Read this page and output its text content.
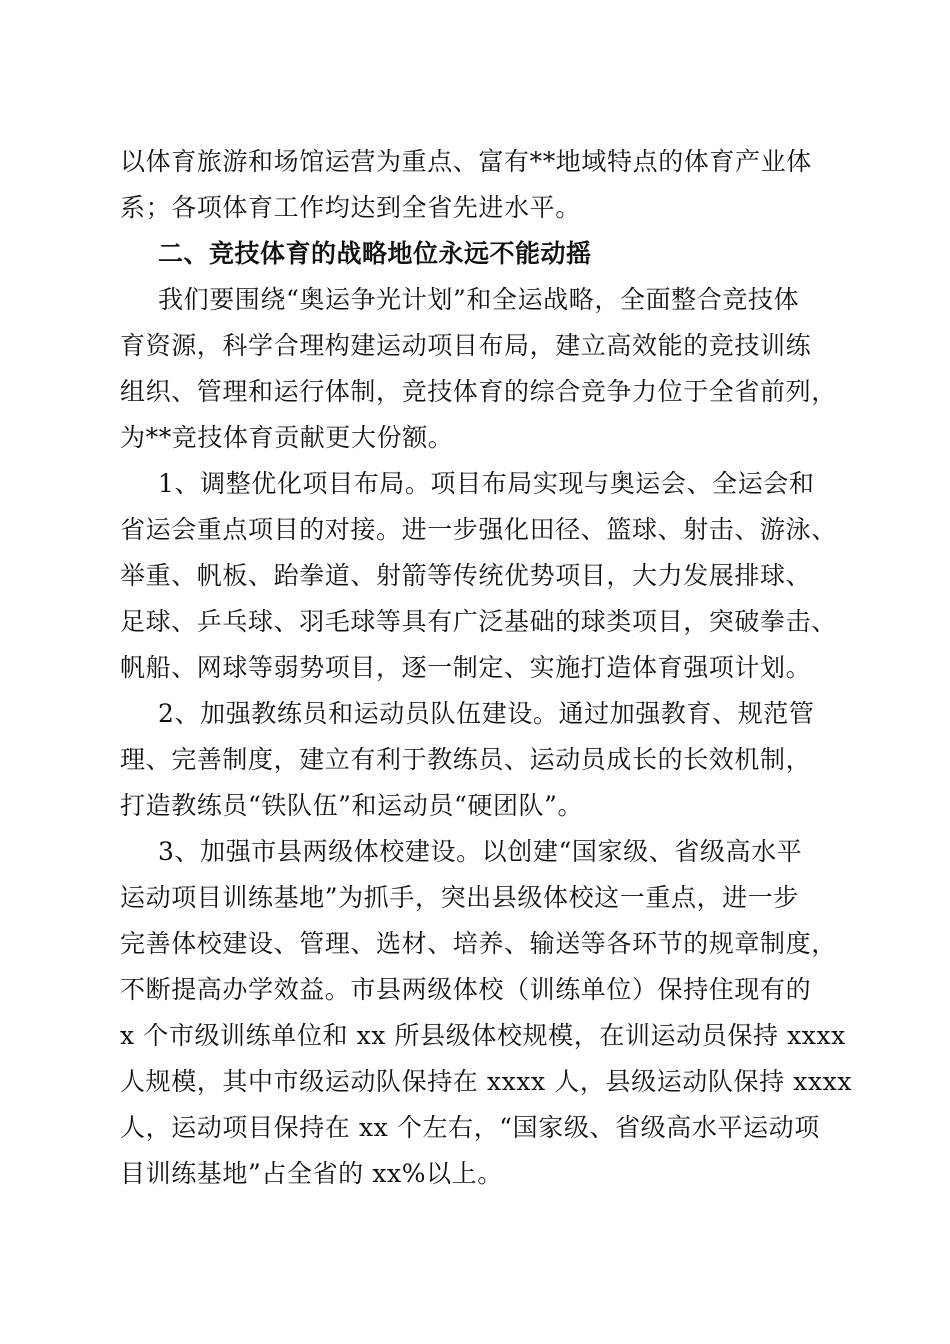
以体育旅游和场馆运营为重点、富有**地域特点的体育产业体
系；各项体育工作均达到全省先进水平。
二、竞技体育的战略地位永远不能动摇
我们要围绕“奥运争光计划”和全运战略，全面整合竞技体
育资源，科学合理构建运动项目布局，建立高效能的竞技训练
组织、管理和运行体制，竞技体育的综合竞争力位于全省前列，
为**竞技体育贡献更大份额。
1、调整优化项目布局。项目布局实现与奥运会、全运会和
省运会重点项目的对接。进一步强化田径、篮球、射击、游泳、
举重、帆板、跆拳道、射箭等传统优势项目，大力发展排球、
足球、乒乓球、羽毛球等具有广泛基础的球类项目，突破拳击、
帆船、网球等弱势项目，逐一制定、实施打造体育强项计划。
2、加强教练员和运动员队伍建设。通过加强教育、规范管
理、完善制度，建立有利于教练员、运动员成长的长效机制，
打造教练员“铁队伍”和运动员“硬团队”。
3、加强市县两级体校建设。以创建“国家级、省级高水平
运动项目训练基地”为抓手，突出县级体校这一重点，进一步
完善体校建设、管理、选材、培养、输送等各环节的规章制度，
不断提高办学效益。市县两级体校（训练单位）保持住现有的
x 个市级训练单位和 xx 所县级体校规模，在训运动员保持 xxxx
人规模，其中市级运动队保持在 xxxx 人，县级运动队保持 xxxx
人，运动项目保持在 xx 个左右，“国家级、省级高水平运动项
目训练基地”占全省的 xx%以上。
